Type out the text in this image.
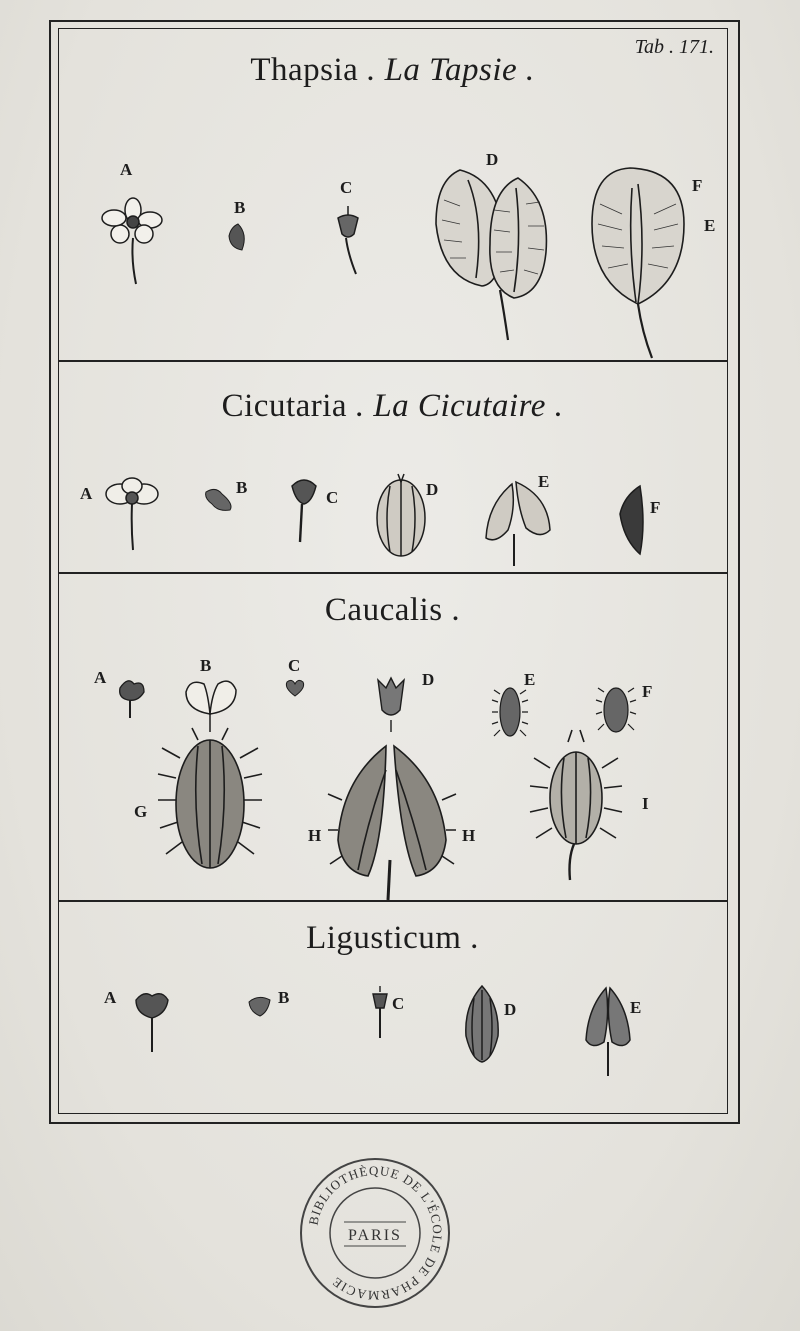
Tab . 171.
Thapsia . La Tapsie .
A
B
C
D
F
E
Cicutaria . La Cicutaire .
A	B
C	D	E
F
Caucalis .
A
B	C
D	E
F
G
H	H
I
Ligusticum .
A	B	C	D	E
BIBLIOTHÈQUE DE L'ÉCOLE DE PHARMACIE
PARIS
